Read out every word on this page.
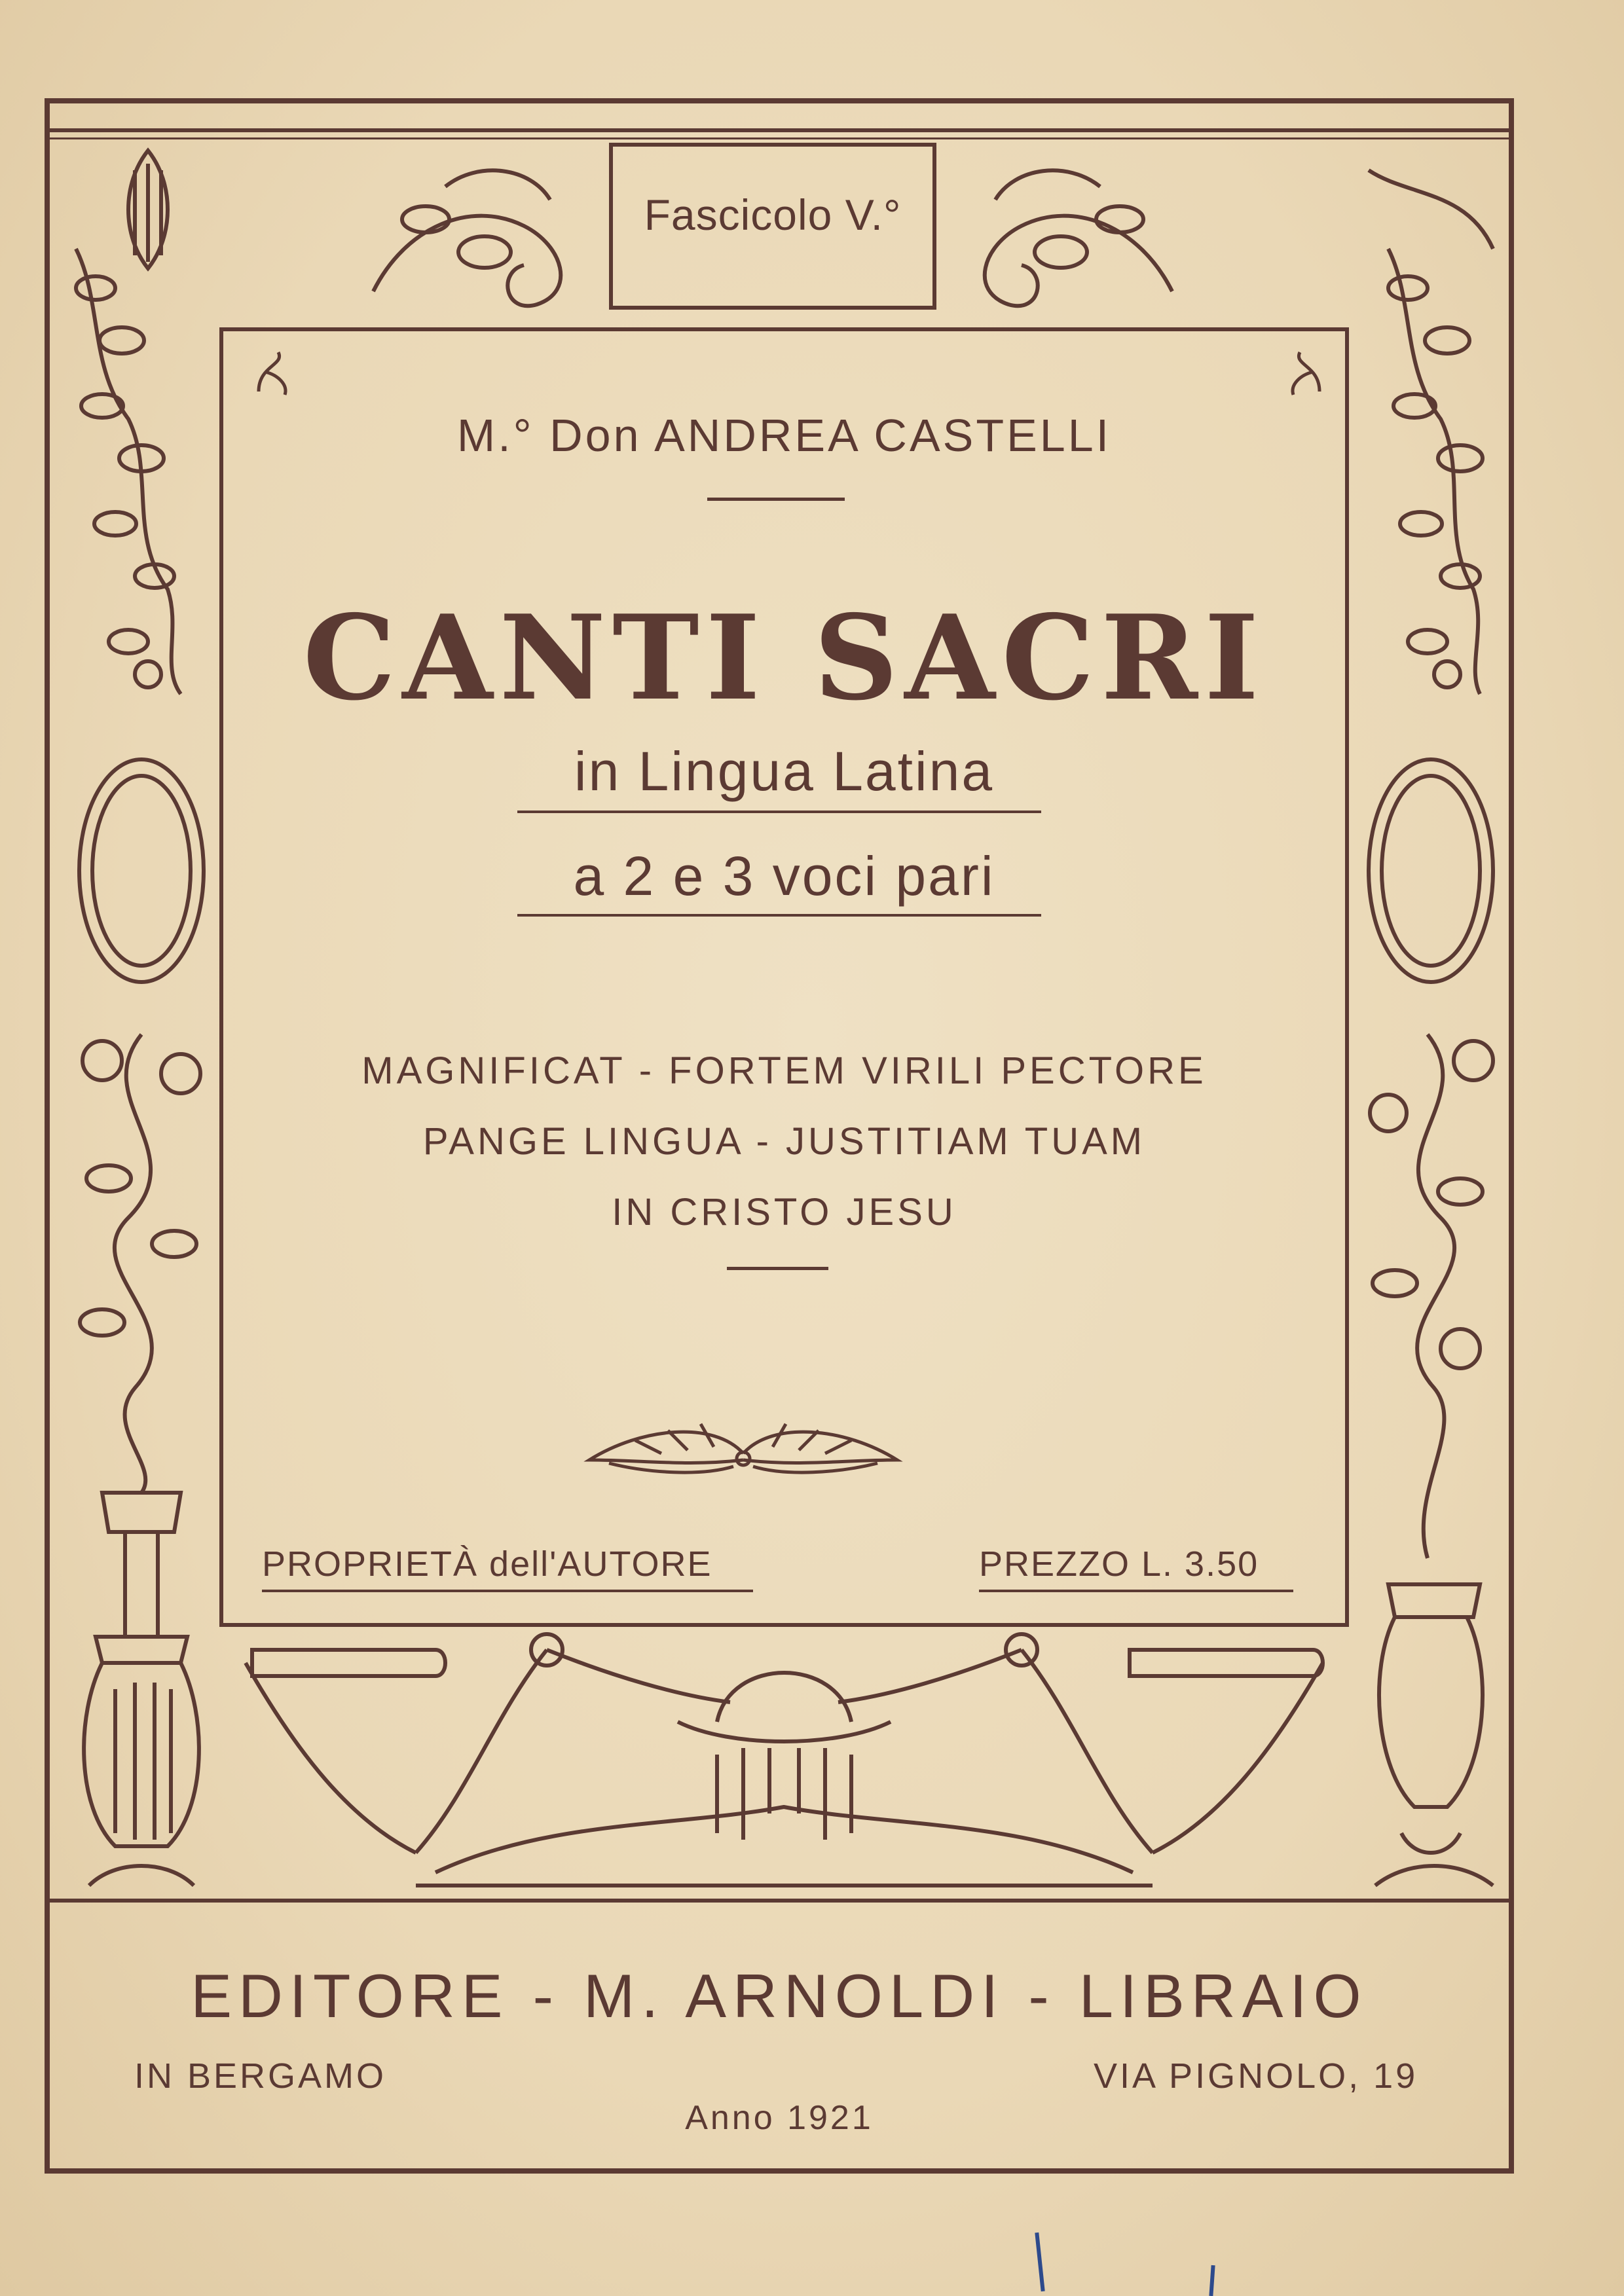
Fascicolo V.°
M.° Don ANDREA CASTELLI
CANTI SACRI
in Lingua Latina
a 2 e 3 voci pari
MAGNIFICAT - FORTEM VIRILI PECTORE
PANGE LINGUA - JUSTITIAM TUAM
IN CRISTO JESU
PROPRIETÀ dell'AUTORE	PREZZO L. 3.50
EDITORE - M. ARNOLDI - LIBRAIO
IN BERGAMO	VIA PIGNOLO, 19
Anno 1921
